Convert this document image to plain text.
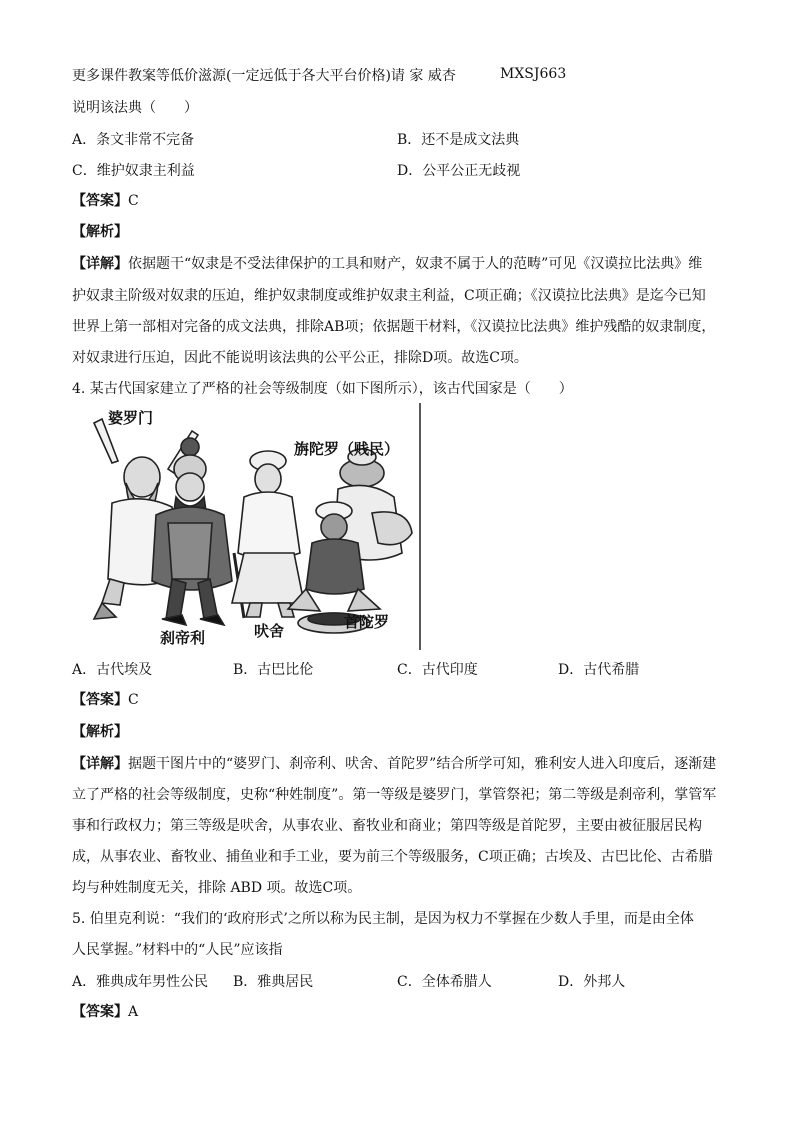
更多课件教案等低价滋源(一定远低于各大平台价格)请 家 威杏	MXSJ663
说明该法典（　　）
A．条文非常不完备	B．还不是成文法典
C．维护奴隶主利益	D．公平公正无歧视
【答案】C
【解析】
【详解】依据题干“奴隶是不受法律保护的工具和财产，奴隶不属于人的范畴”可见《汉谟拉比法典》维
护奴隶主阶级对奴隶的压迫，维护奴隶制度或维护奴隶主利益，C项正确；《汉谟拉比法典》是迄今已知
世界上第一部相对完备的成文法典，排除AB项；依据题干材料，《汉谟拉比法典》维护残酷的奴隶制度，
对奴隶进行压迫，因此不能说明该法典的公平公正，排除D项。故选C项。
4. 某古代国家建立了严格的社会等级制度（如下图所示），该古代国家是（　　）
婆罗门
旃陀罗（贱民）
刹帝利	吠舍	首陀罗
A．古代埃及	B．古巴比伦	C．古代印度	D．古代希腊
【答案】C
【解析】
【详解】据题干图片中的“婆罗门、刹帝利、吠舍、首陀罗”结合所学可知，雅利安人进入印度后，逐渐建
立了严格的社会等级制度，史称“种姓制度”。第一等级是婆罗门，掌管祭祀；第二等级是刹帝利，掌管军
事和行政权力；第三等级是吠舍，从事农业、畜牧业和商业；第四等级是首陀罗，主要由被征服居民构
成，从事农业、畜牧业、捕鱼业和手工业，要为前三个等级服务，C项正确；古埃及、古巴比伦、古希腊
均与种姓制度无关，排除 ABD 项。故选C项。
5. 伯里克利说：“我们的‘政府形式’之所以称为民主制，是因为权力不掌握在少数人手里，而是由全体
人民掌握。”材料中的“人民”应该指
A．雅典成年男性公民 B．雅典居民	C．全体希腊人	D．外邦人
【答案】A
